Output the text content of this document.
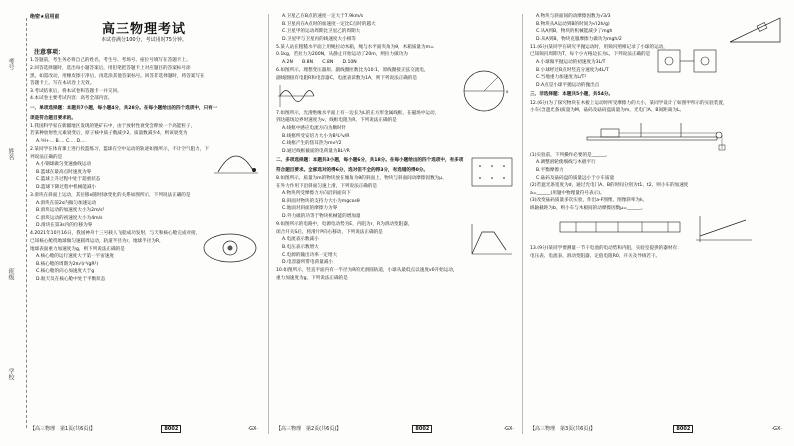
考号
姓名
班级
学校
绝密★启用前
高三物理考试
本试卷满分100分，考试用时75分钟。
注意事项：
1.答题前，考生务必将自己的姓名、考生号、考场号、座位号填写在答题卡上。
2.回答选择题时，选出每小题答案后，用铅笔把答题卡上对应题目的答案标号涂
黑。如需改动，用橡皮擦干净后，再选涂其他答案标号。回答非选择题时，将答案写在
答题卡上。写在本试卷上无效。
3.考试结束后，将本试卷和答题卡一并交回。
4.本试卷主要考试内容：高考全部内容。
一、单项选择题：本题共7小题，每小题4分，共28分。在每小题给出的四个选项中，只有一
项是符合题目要求的。
1.我国科学家在新疆地区发现的铯矿石中，由于放射性衰变会释放一个高能粒子，
若某种放射性元素衰变后，原子核中质子数减少2，质量数减少4，则该衰变为
A.¹H+... B.... C.... D....
2.某同学在体育课上进行投篮练习，篮球在空中运动的轨迹如图所示，不计空气阻力，下
列说法正确的是
A.小钢球做匀变速曲线运动
B.篮球在最高点时速度为零
C.篮球上升过程中处于超重状态
D.篮球下降过程中机械能减小
3.滑块在斜面上运动，其位移x随时间t变化的关系如图所示，下列说法正确的是
A.滑块在前2s内做匀加速运动
B.滑块运动的加速度大小为2m/s²
C.滑块运动的初速度大小为4m/s
D.滑块在第3s内的位移为零
4.2021年10月16日，我国神舟十三号载人飞船成功发射，与天和核心舱完成对接，
已知核心舱绕地球做匀速圆周运动，轨道半径为r，地球半径为R，
地球表面重力加速度为g，则下列说法正确的是
A.核心舱的运行速度大于第一宇宙速度
B.核心舱的周期为2π√(r³/gR²)
C.核心舱的向心加速度大于g
D.航天员在核心舱中处于平衡状态
【高三物理　第1页(共6页)】	8002	·GX·
A.卫星乙在B点的速度一定大于7.9km/s
B.卫星丙在A点时的加速度一定比C点时的越大
C.卫星甲的运动周期比卫星乙的周期大
D.卫星甲与卫星丙的线速度大小相等
5.某人站在粗糙水平面上用绳拉动木箱，绳与水平面夹角为θ，木箱质量为m=
0.1kg，若拉力为200N，从静止开始运动了20m，则拉力做功为
A.2N　　B.8N　　C.8N　　D.10N
x
6.如图所示，理想变压器原、副线圈匝数比为10:1，原线圈接正弦交流电，
副线圈接有电阻R和电容器C，电流表读数为1A，则下列说法正确的是
7.如图所示，光滑绝缘水平面上有一边长为L的正方形金属线框，在磁场中运动，
到达磁场边界时速度为v，线框电阻为R，下列说法正确的是
A.线框中感应电流方向为顺时针
B.线框所受安培力大小为B²L²v/R
C.线框产生的焦耳热为mv²/2
D.通过线框截面的电荷量为BL²/R
二、多项选择题：本题共3小题，每小题6分，共18分。在每小题给出的四个选项中，有多项
符合题目要求。全部选对的得6分，选对但不全的得3分，有选错的得0分。
8.如图所示，质量为m的物块放在倾角为θ的斜面上，物块与斜面间动摩擦因数为μ，
在外力作用下沿斜面匀速上滑，下列说法正确的是
A.物块所受摩擦力方向沿斜面向下
B.斜面对物块的支持力大小为mgcosθ
C.地面对斜面的摩擦力为零
D.外力做的功等于物块机械能的增加量
9.如图所示的电路中，电源电动势为E，内阻为r，R为滑动变阻器，
闭合开关S后，将滑片P向右移动，下列说法正确的是
A.电流表示数减小
B.电压表示数增大
C.电源的输出功率一定增大
D.电容器所带电荷量减小
10.如图所示，竖直平面内有一半径为R的光滑圆轨道，小球从最低点以速度v0开始运动，
重力加速度为g，下列说法正确的是
【高三物理　第2页(共6页)】	8002	·GX·
A.物块与斜面间的动摩擦因数为√3/3
B.物块从A运动到B的时间为√(2h/g)
C.从A到B，物块的机械能减少了mgh
D.从A到B，物块克服摩擦力做功为mgh/2
11.(6分)某同学在研究平抛运动时，用频闪照相记录了小球的运动，
已知频闪周期为T，每个小方格边长为L，下列说法正确的是
A.小球做平抛运动的初速度为3L/T
B.小球经过B点时竖直分速度为4L/T
C.当地重力加速度为L/T²
D.A点是小球平抛运动的抛出点
三、非选择题：本题共5小题，共54分。
12.(6分)为了探究物块在木板上运动时所受摩擦力的大小，某同学设计了如图甲所示的实验装置，
小车(含遮光条)质量为M，砝码及砝码盘质量为m，光电门A、B间距离为L。
(1)实验前，下列操作必要的是______。
A.调整滑轮使细线与木板平行
B.平衡摩擦力
C.砝码及砝码盘的质量远小于小车质量
(2)若遮光条宽度为d，通过光电门A、B的时间分别为t1、t2，则小车的加速度
a=______(用题中物理量符号表示)。
(3)改变砝码质量多次实验，作出a-F图像，图像斜率为k，
纵轴截距为b，则小车与木板间的动摩擦因数μ=______。
13.(9分)某同学要测量一节干电池的电动势和内阻，实验室提供的器材有：
电压表、电流表、滑动变阻器、定值电阻R0、开关及导线若干。
【高三物理　第3页(共6页)】	8002	·GX·
